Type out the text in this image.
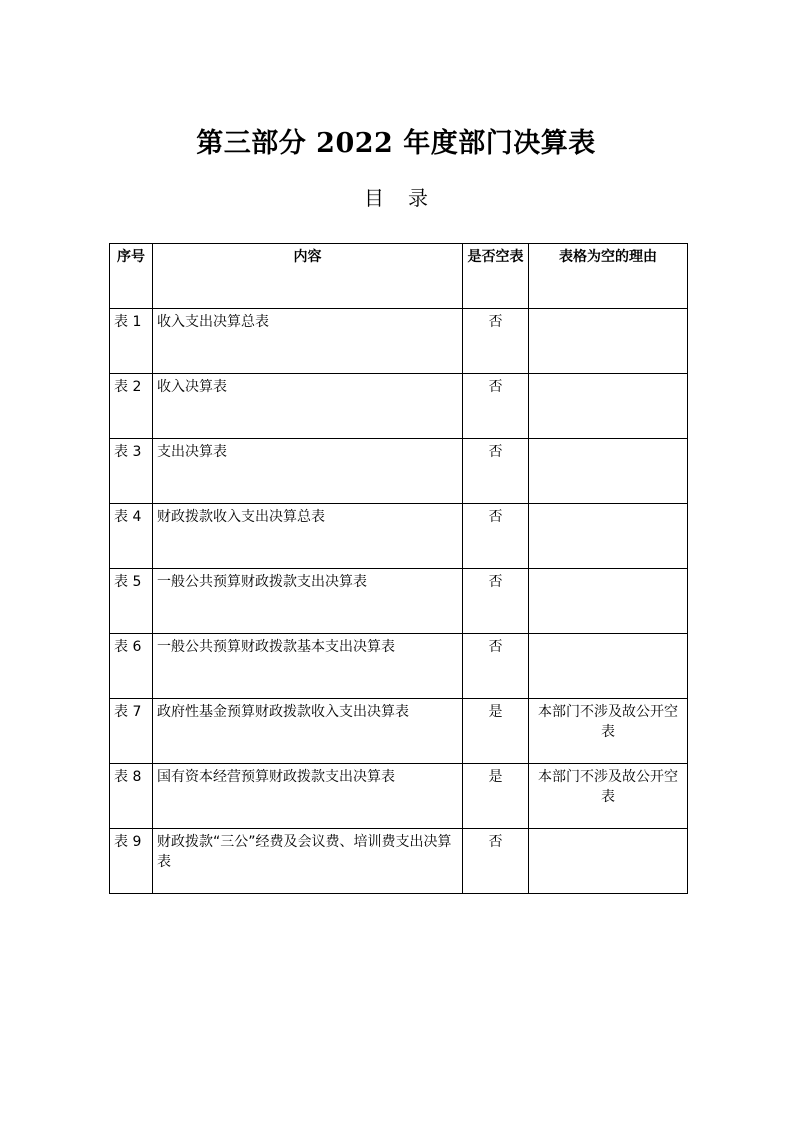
第三部分 2022 年度部门决算表
目录
序号	内容	是否空表	表格为空的理由
表 1	收入支出决算总表	否	
表 2	收入决算表	否	
表 3	支出决算表	否	
表 4	财政拨款收入支出决算总表	否	
表 5	一般公共预算财政拨款支出决算表	否	
表 6	一般公共预算财政拨款基本支出决算表	否	
表 7	政府性基金预算财政拨款收入支出决算表	是	本部门不涉及故公开空表
表 8	国有资本经营预算财政拨款支出决算表	是	本部门不涉及故公开空表
表 9	财政拨款“三公”经费及会议费、培训费支出决算表	否	
